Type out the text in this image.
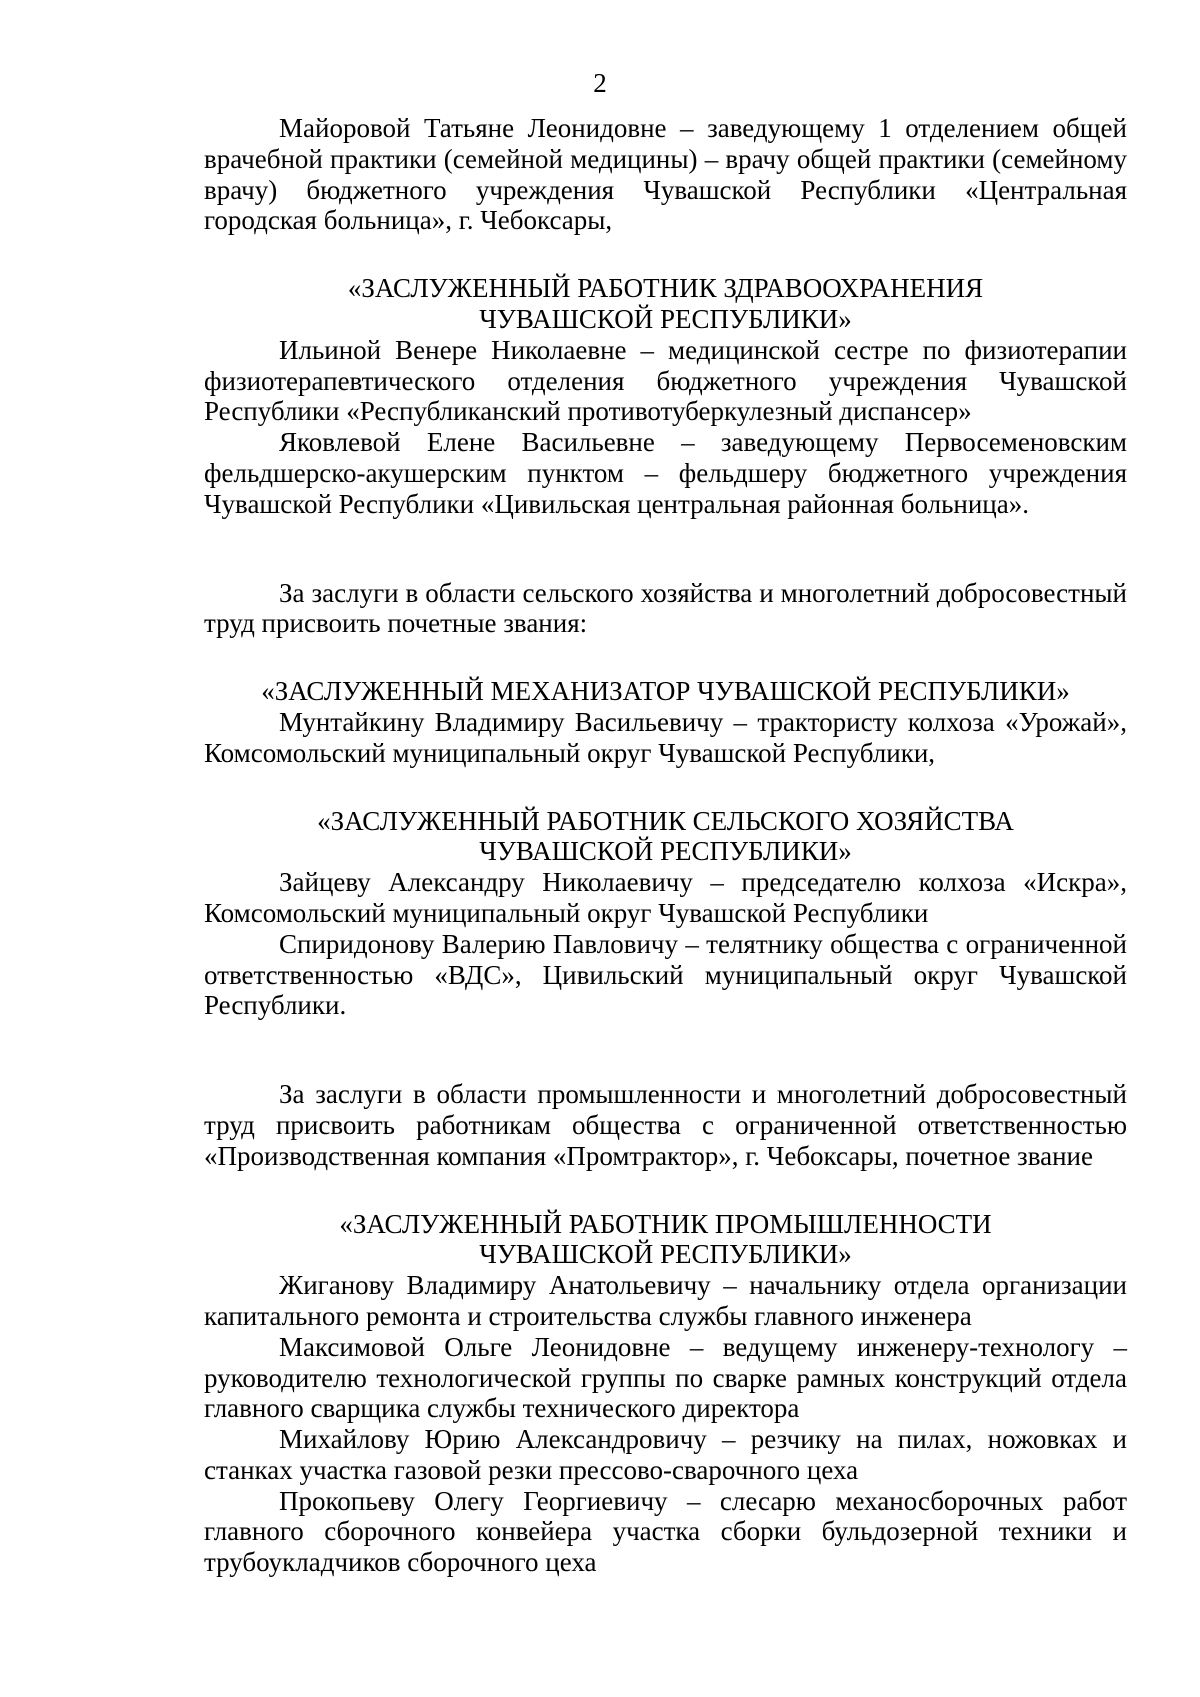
2

Майоровой Татьяне Леонидовне – заведующему 1 отделением общей врачебной практики (семейной медицины) – врачу общей практики (семейному врачу) бюджетного учреждения Чувашской Республики «Центральная городская больница», г. Чебоксары,

«ЗАСЛУЖЕННЫЙ РАБОТНИК ЗДРАВООХРАНЕНИЯ
ЧУВАШСКОЙ РЕСПУБЛИКИ»

Ильиной Венере Николаевне – медицинской сестре по физиотерапии физиотерапевтического отделения бюджетного учреждения Чувашской Республики «Республиканский противотуберкулезный диспансер»

Яковлевой Елене Васильевне – заведующему Первосеменовским фельдшерско-акушерским пунктом – фельдшеру бюджетного учреждения Чувашской Республики «Цивильская центральная районная больница».

За заслуги в области сельского хозяйства и многолетний добросовестный труд присвоить почетные звания:

«ЗАСЛУЖЕННЫЙ МЕХАНИЗАТОР ЧУВАШСКОЙ РЕСПУБЛИКИ»

Мунтайкину Владимиру Васильевичу – трактористу колхоза «Урожай», Комсомольский муниципальный округ Чувашской Республики,

«ЗАСЛУЖЕННЫЙ РАБОТНИК СЕЛЬСКОГО ХОЗЯЙСТВА
ЧУВАШСКОЙ РЕСПУБЛИКИ»

Зайцеву Александру Николаевичу – председателю колхоза «Искра», Комсомольский муниципальный округ Чувашской Республики

Спиридонову Валерию Павловичу – телятнику общества с ограниченной ответственностью «ВДС», Цивильский муниципальный округ Чувашской Республики.

За заслуги в области промышленности и многолетний добросовестный труд присвоить работникам общества с ограниченной ответственностью «Производственная компания «Промтрактор», г. Чебоксары, почетное звание

«ЗАСЛУЖЕННЫЙ РАБОТНИК ПРОМЫШЛЕННОСТИ
ЧУВАШСКОЙ РЕСПУБЛИКИ»

Жиганову Владимиру Анатольевичу – начальнику отдела организации капитального ремонта и строительства службы главного инженера

Максимовой Ольге Леонидовне – ведущему инженеру-технологу – руководителю технологической группы по сварке рамных конструкций отдела главного сварщика службы технического директора

Михайлову Юрию Александровичу – резчику на пилах, ножовках и станках участка газовой резки прессово-сварочного цеха

Прокопьеву Олегу Георгиевичу – слесарю механосборочных работ главного сборочного конвейера участка сборки бульдозерной техники и трубоукладчиков сборочного цеха
